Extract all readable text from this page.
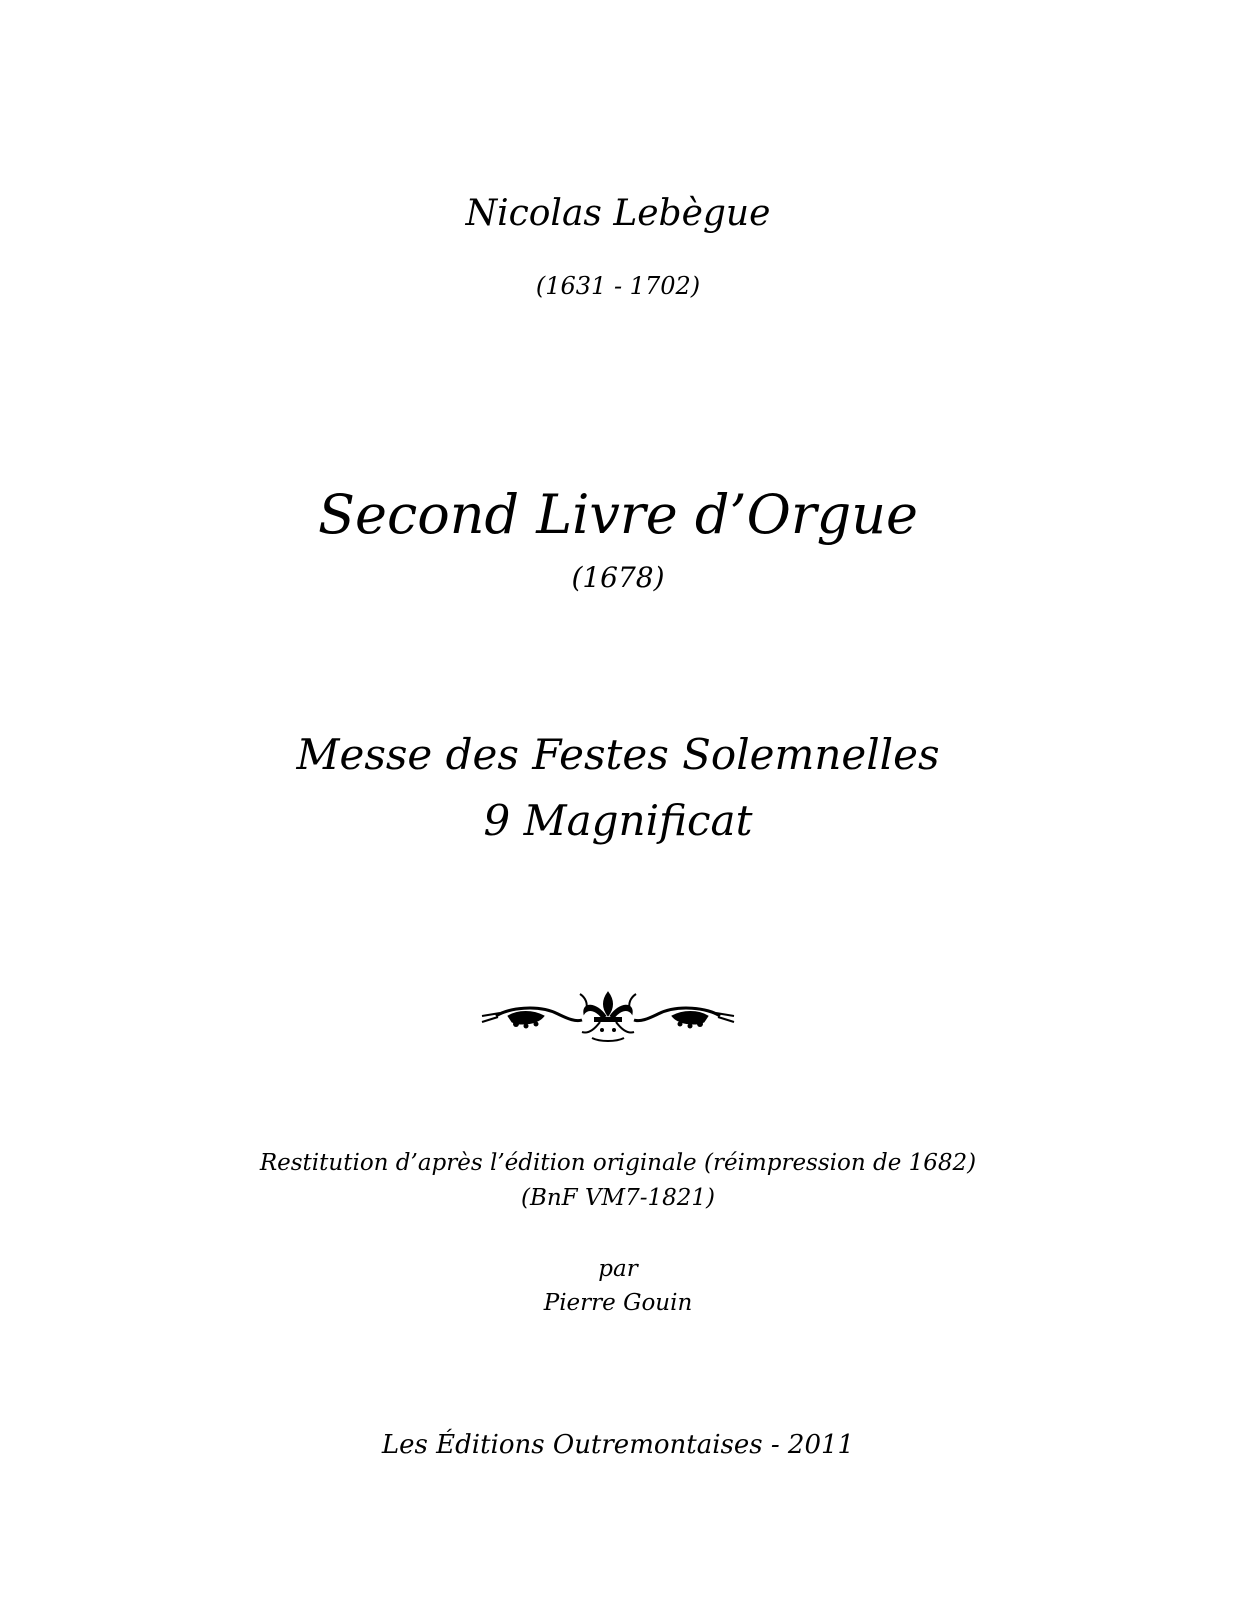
Nicolas Lebègue
(1631 - 1702)
Second Livre d’Orgue
(1678)
Messe des Festes Solemnelles
9 Magnificat
Restitution d’après l’édition originale (réimpression de 1682)
(BnF VM7-1821)
par
Pierre Gouin
Les Éditions Outremontaises - 2011
